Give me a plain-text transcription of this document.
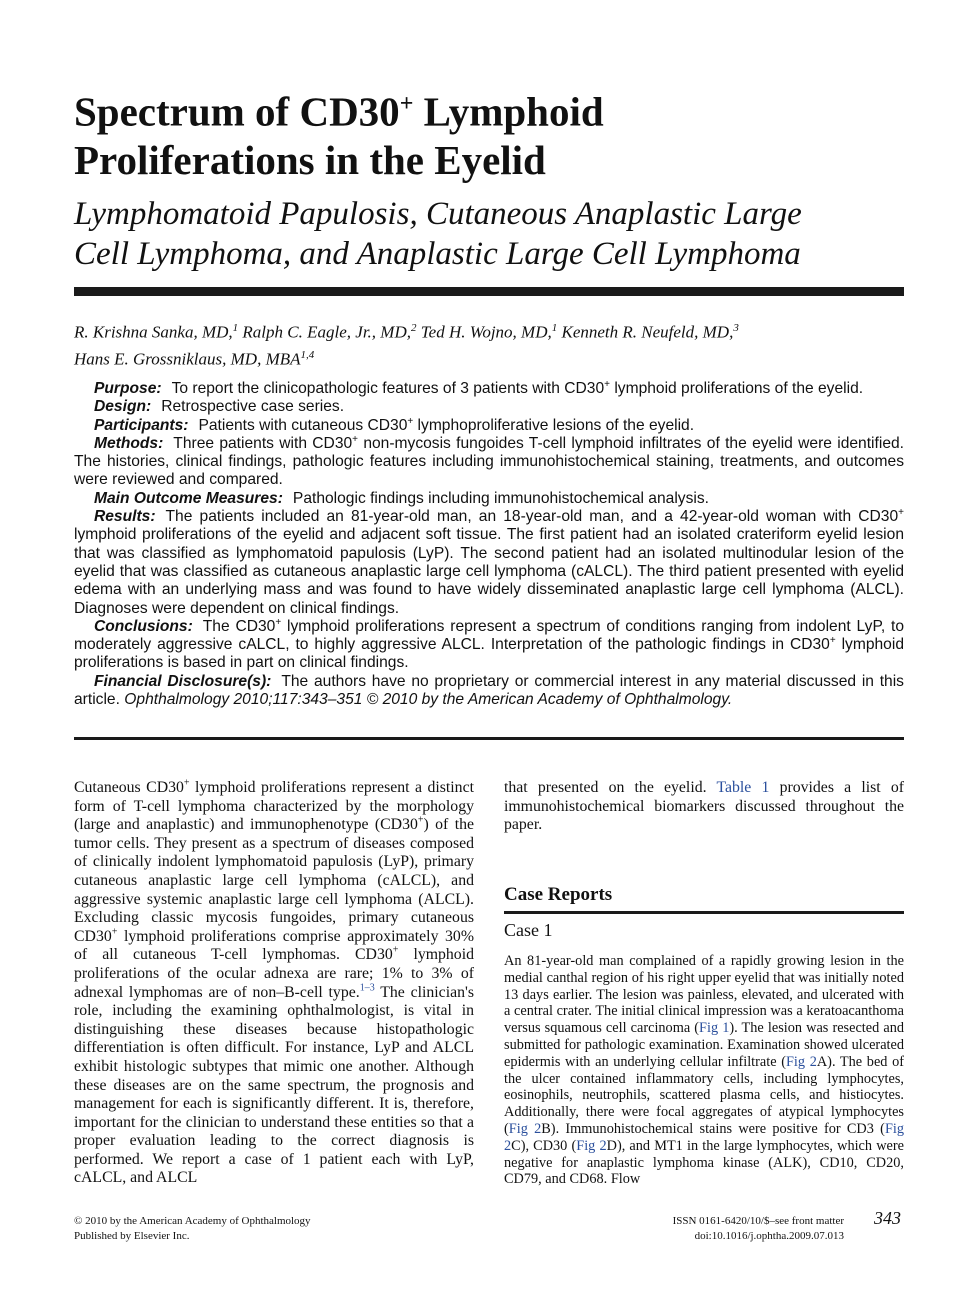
Spectrum of CD30+ Lymphoid
Proliferations in the Eyelid
Lymphomatoid Papulosis, Cutaneous Anaplastic Large
Cell Lymphoma, and Anaplastic Large Cell Lymphoma
R. Krishna Sanka, MD,$^1$ Ralph C. Eagle, Jr., MD,$^2$ Ted H. Wojno, MD,$^1$ Kenneth R. Neufeld, MD,$^3$
Hans E. Grossniklaus, MD, MBA$^{1,4}$

Purpose: To report the clinicopathologic features of 3 patients with CD30+ lymphoid proliferations of the eyelid.

Design: Retrospective case series.

Participants: Patients with cutaneous CD30+ lymphoproliferative lesions of the eyelid.

Methods: Three patients with CD30+ non-mycosis fungoides T-cell lymphoid infiltrates of the eyelid were identified. The histories, clinical findings, pathologic features including immunohistochemical staining, treatments, and outcomes were reviewed and compared.

Main Outcome Measures: Pathologic findings including immunohistochemical analysis.

Results: The patients included an 81-year-old man, an 18-year-old man, and a 42-year-old woman with CD30+ lymphoid proliferations of the eyelid and adjacent soft tissue. The first patient had an isolated crateriform eyelid lesion that was classified as lymphomatoid papulosis (LyP). The second patient had an isolated multinodular lesion of the eyelid that was classified as cutaneous anaplastic large cell lymphoma (cALCL). The third patient presented with eyelid edema with an underlying mass and was found to have widely disseminated anaplastic large cell lymphoma (ALCL). Diagnoses were dependent on clinical findings.

Conclusions: The CD30+ lymphoid proliferations represent a spectrum of conditions ranging from indolent LyP, to moderately aggressive cALCL, to highly aggressive ALCL. Interpretation of the pathologic findings in CD30+ lymphoid proliferations is based in part on clinical findings.

Financial Disclosure(s): The authors have no proprietary or commercial interest in any material discussed in this article. Ophthalmology 2010;117:343–351 © 2010 by the American Academy of Ophthalmology.

Cutaneous CD30+ lymphoid proliferations represent a distinct form of T-cell lymphoma characterized by the morphology (large and anaplastic) and immunophenotype (CD30+) of the tumor cells. They present as a spectrum of diseases composed of clinically indolent lymphomatoid papulosis (LyP), primary cutaneous anaplastic large cell lymphoma (cALCL), and aggressive systemic anaplastic large cell lymphoma (ALCL). Excluding classic mycosis fungoides, primary cutaneous CD30+ lymphoid proliferations comprise approximately 30% of all cutaneous T-cell lymphomas. CD30+ lymphoid proliferations of the ocular adnexa are rare; 1% to 3% of adnexal lymphomas are of non–B-cell type.$^{1-3}$ The clinician's role, including the examining ophthalmologist, is vital in distinguishing these diseases because histopathologic differentiation is often difficult. For instance, LyP and ALCL exhibit histologic subtypes that mimic one another. Although these diseases are on the same spectrum, the prognosis and management for each is significantly different. It is, therefore, important for the clinician to understand these entities so that a proper evaluation leading to the correct diagnosis is performed. We report a case of 1 patient each with LyP, cALCL, and ALCL

that presented on the eyelid. Table 1 provides a list of immunohistochemical biomarkers discussed throughout the paper.

Case Reports
Case 1

An 81-year-old man complained of a rapidly growing lesion in the medial canthal region of his right upper eyelid that was initially noted 13 days earlier. The lesion was painless, elevated, and ulcerated with a central crater. The initial clinical impression was a keratoacanthoma versus squamous cell carcinoma (Fig 1). The lesion was resected and submitted for pathologic examination. Examination showed ulcerated epidermis with an underlying cellular infiltrate (Fig 2A). The bed of the ulcer contained inflammatory cells, including lymphocytes, eosinophils, neutrophils, scattered plasma cells, and histiocytes. Additionally, there were focal aggregates of atypical lymphocytes (Fig 2B). Immunohistochemical stains were positive for CD3 (Fig 2C), CD30 (Fig 2D), and MT1 in the large lymphocytes, which were negative for anaplastic lymphoma kinase (ALK), CD10, CD20, CD79, and CD68. Flow

© 2010 by the American Academy of Ophthalmology
Published by Elsevier Inc.
ISSN 0161-6420/10/$–see front matter
doi:10.1016/j.ophtha.2009.07.013
343
